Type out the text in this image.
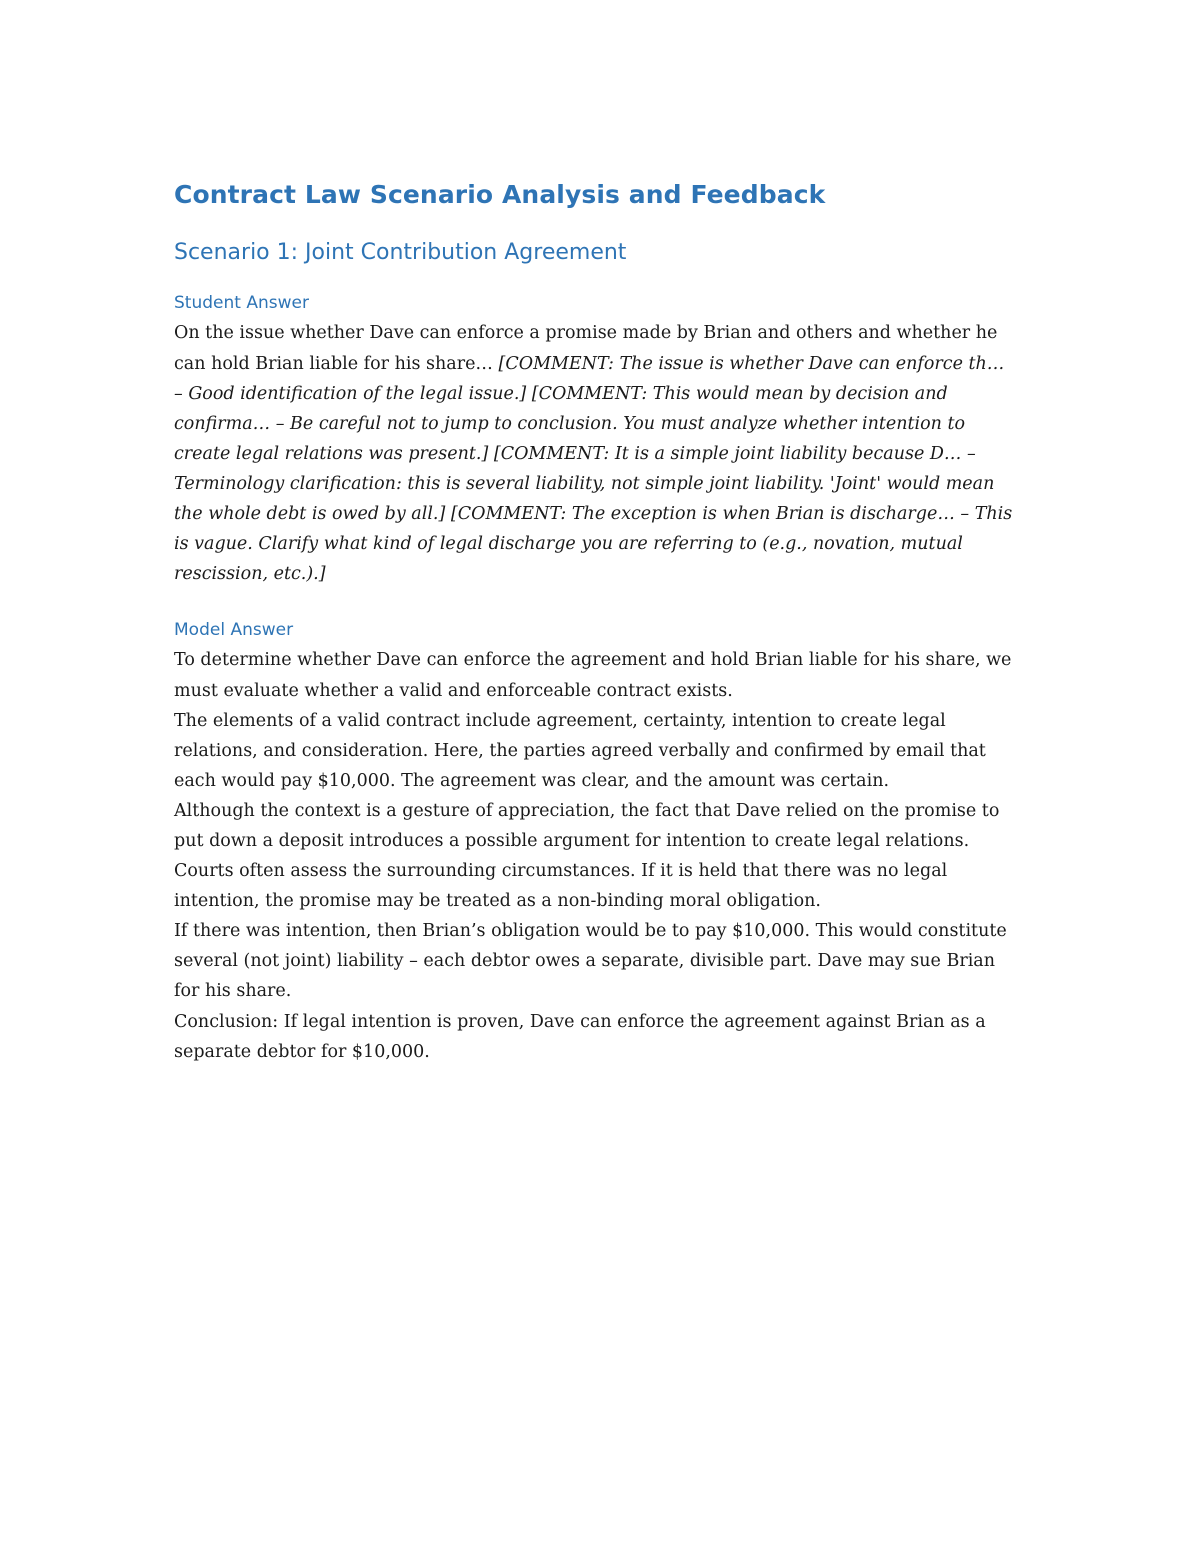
Contract Law Scenario Analysis and Feedback
Scenario 1: Joint Contribution Agreement
Student Answer

On the issue whether Dave can enforce a promise made by Brian and others and whether he can hold Brian liable for his share… [COMMENT: The issue is whether Dave can enforce th… – Good identification of the legal issue.] [COMMENT: This would mean by decision and confirma… – Be careful not to jump to conclusion. You must analyze whether intention to create legal relations was present.] [COMMENT: It is a simple joint liability because D… – Terminology clarification: this is several liability, not simple joint liability. 'Joint' would mean the whole debt is owed by all.] [COMMENT: The exception is when Brian is discharge… – This is vague. Clarify what kind of legal discharge you are referring to (e.g., novation, mutual rescission, etc.).]

Model Answer

To determine whether Dave can enforce the agreement and hold Brian liable for his share, we must evaluate whether a valid and enforceable contract exists.

The elements of a valid contract include agreement, certainty, intention to create legal relations, and consideration. Here, the parties agreed verbally and confirmed by email that each would pay $10,000. The agreement was clear, and the amount was certain.

Although the context is a gesture of appreciation, the fact that Dave relied on the promise to put down a deposit introduces a possible argument for intention to create legal relations. Courts often assess the surrounding circumstances. If it is held that there was no legal intention, the promise may be treated as a non-binding moral obligation.

If there was intention, then Brian’s obligation would be to pay $10,000. This would constitute several (not joint) liability – each debtor owes a separate, divisible part. Dave may sue Brian for his share.

Conclusion: If legal intention is proven, Dave can enforce the agreement against Brian as a separate debtor for $10,000.
